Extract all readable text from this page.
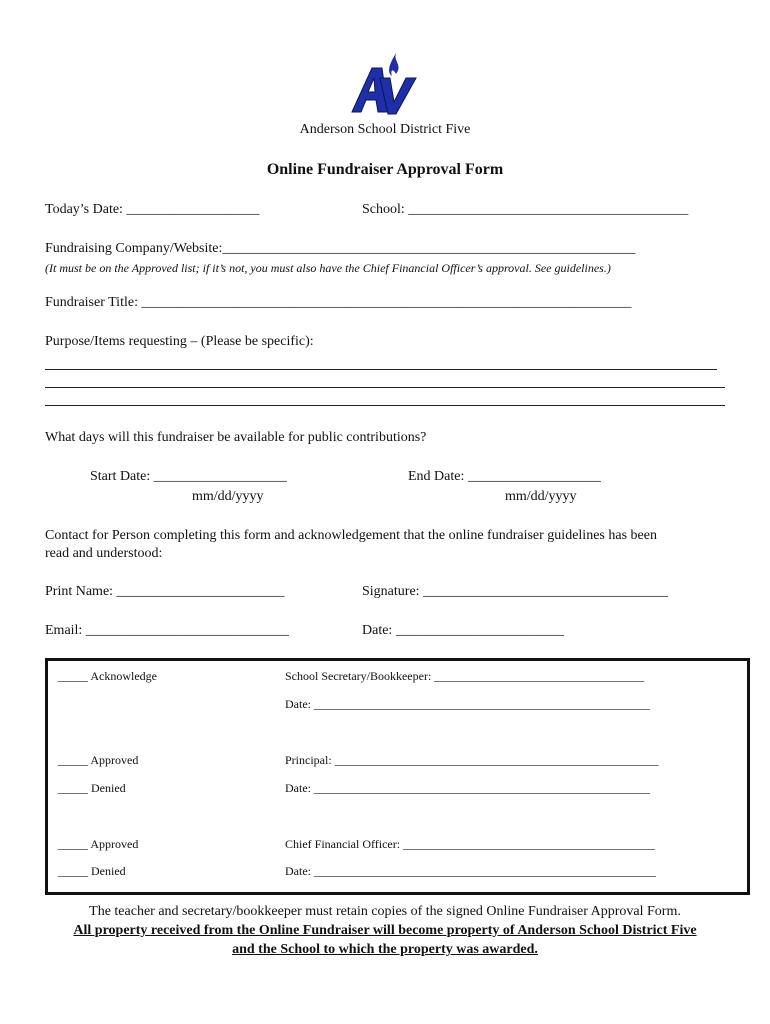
Anderson School District Five
Online Fundraiser Approval Form
Today’s Date: ___________________	School: ________________________________________
Fundraising Company/Website:___________________________________________________________
(It must be on the Approved list; if it’s not, you must also have the Chief Financial Officer’s approval. See guidelines.)
Fundraiser Title: ______________________________________________________________________
Purpose/Items requesting – (Please be specific):
What days will this fundraiser be available for public contributions?
Start Date: ___________________
mm/dd/yyyy
End Date: ___________________
mm/dd/yyyy
Contact for Person completing this form and acknowledgement that the online fundraiser guidelines has been
read and understood:
Print Name: ________________________	Signature: ___________________________________
Email: _____________________________	Date: ________________________
_____ Acknowledge	School Secretary/Bookkeeper: ___________________________________
Date: ________________________________________________________
_____ Approved	Principal: ______________________________________________________
_____ Denied	Date: ________________________________________________________
_____ Approved	Chief Financial Officer: __________________________________________
_____ Denied	Date: _________________________________________________________
The teacher and secretary/bookkeeper must retain copies of the signed Online Fundraiser Approval Form.
All property received from the Online Fundraiser will become property of Anderson School District Five
and the School to which the property was awarded.
